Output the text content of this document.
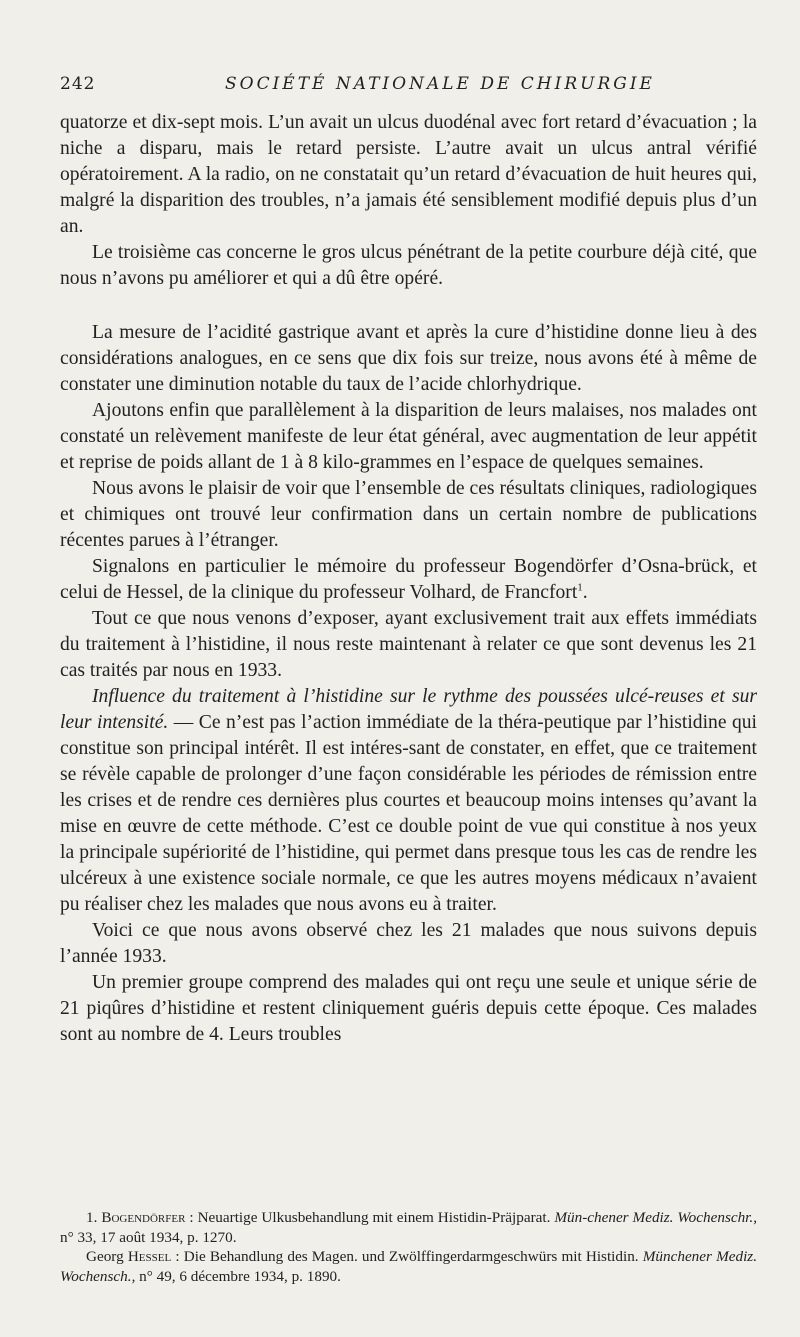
242	SOCIÉTÉ NATIONALE DE CHIRURGIE

quatorze et dix-sept mois. L’un avait un ulcus duodénal avec fort retard d’évacuation ; la niche a disparu, mais le retard persiste. L’autre avait un ulcus antral vérifié opératoirement. A la radio, on ne constatait qu’un retard d’évacuation de huit heures qui, malgré la disparition des troubles, n’a jamais été sensiblement modifié depuis plus d’un an.

Le troisième cas concerne le gros ulcus pénétrant de la petite courbure déjà cité, que nous n’avons pu améliorer et qui a dû être opéré.

La mesure de l’acidité gastrique avant et après la cure d’histidine donne lieu à des considérations analogues, en ce sens que dix fois sur treize, nous avons été à même de constater une diminution notable du taux de l’acide chlorhydrique.

Ajoutons enfin que parallèlement à la disparition de leurs malaises, nos malades ont constaté un relèvement manifeste de leur état général, avec augmentation de leur appétit et reprise de poids allant de 1 à 8 kilo-grammes en l’espace de quelques semaines.

Nous avons le plaisir de voir que l’ensemble de ces résultats cliniques, radiologiques et chimiques ont trouvé leur confirmation dans un certain nombre de publications récentes parues à l’étranger.

Signalons en particulier le mémoire du professeur Bogendörfer d’Osna-brück, et celui de Hessel, de la clinique du professeur Volhard, de Francfort$^1$.

Tout ce que nous venons d’exposer, ayant exclusivement trait aux effets immédiats du traitement à l’histidine, il nous reste maintenant à relater ce que sont devenus les 21 cas traités par nous en 1933.

Influence du traitement à l’histidine sur le rythme des poussées ulcé-reuses et sur leur intensité. — Ce n’est pas l’action immédiate de la théra-peutique par l’histidine qui constitue son principal intérêt. Il est intéres-sant de constater, en effet, que ce traitement se révèle capable de prolonger d’une façon considérable les périodes de rémission entre les crises et de rendre ces dernières plus courtes et beaucoup moins intenses qu’avant la mise en œuvre de cette méthode. C’est ce double point de vue qui constitue à nos yeux la principale supériorité de l’histidine, qui permet dans presque tous les cas de rendre les ulcéreux à une existence sociale normale, ce que les autres moyens médicaux n’avaient pu réaliser chez les malades que nous avons eu à traiter.

Voici ce que nous avons observé chez les 21 malades que nous suivons depuis l’année 1933.

Un premier groupe comprend des malades qui ont reçu une seule et unique série de 21 piqûres d’histidine et restent cliniquement guéris depuis cette époque. Ces malades sont au nombre de 4. Leurs troubles

1. Bogendörfer : Neuartige Ulkusbehandlung mit einem Histidin-Präjparat. Mün-chener Mediz. Wochenschr., n° 33, 17 août 1934, p. 1270.

Georg Hessel : Die Behandlung des Magen. und Zwölffingerdarmgeschwürs mit Histidin. Münchener Mediz. Wochensch., n° 49, 6 décembre 1934, p. 1890.
